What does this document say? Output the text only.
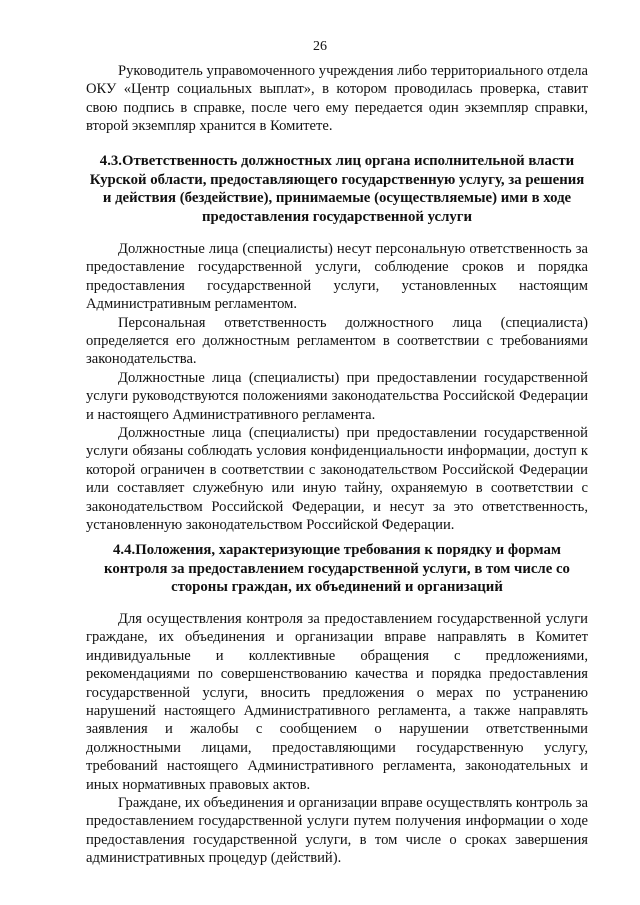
26

Руководитель управомоченного учреждения либо территориального отдела ОКУ «Центр социальных выплат», в котором проводилась проверка, ставит свою подпись в справке, после чего ему передается один экземпляр справки, второй экземпляр хранится в Комитете.

4.3.Ответственность должностных лиц органа исполнительной власти Курской области, предоставляющего государственную услугу, за решения и действия (бездействие), принимаемые (осуществляемые) ими в ходе предоставления государственной услуги

Должностные лица (специалисты) несут персональную ответственность за предоставление государственной услуги, соблюдение сроков и порядка предоставления государственной услуги, установленных настоящим Административным регламентом.

Персональная ответственность должностного лица (специалиста) определяется его должностным регламентом в соответствии с требованиями законодательства.

Должностные лица (специалисты) при предоставлении государственной услуги руководствуются положениями законодательства Российской Федерации и настоящего Административного регламента.

Должностные лица (специалисты) при предоставлении государственной услуги обязаны соблюдать условия конфиденциальности информации, доступ к которой ограничен в соответствии с законодательством Российской Федерации или составляет служебную или иную тайну, охраняемую в соответствии с законодательством Российской Федерации, и несут за это ответственность, установленную законодательством Российской Федерации.

4.4.Положения, характеризующие требования к порядку и формам контроля за предоставлением государственной услуги, в том числе со стороны граждан, их объединений и организаций

Для осуществления контроля за предоставлением государственной услуги граждане, их объединения и организации вправе направлять в Комитет индивидуальные и коллективные обращения с предложениями, рекомендациями по совершенствованию качества и порядка предоставления государственной услуги, вносить предложения о мерах по устранению нарушений настоящего Административного регламента, а также направлять заявления и жалобы с сообщением о нарушении ответственными должностными лицами, предоставляющими государственную услугу, требований настоящего Административного регламента, законодательных и иных нормативных правовых актов.

Граждане, их объединения и организации вправе осуществлять контроль за предоставлением государственной услуги путем получения информации о ходе предоставления государственной услуги, в том числе о сроках завершения административных процедур (действий).
